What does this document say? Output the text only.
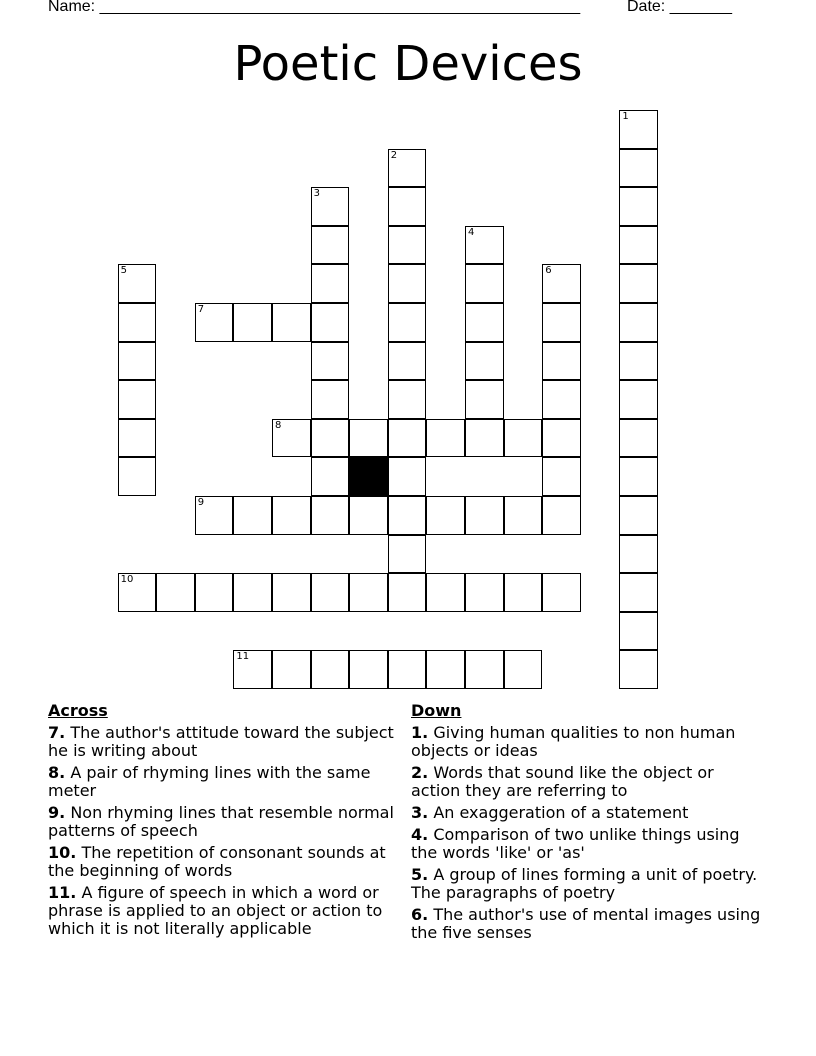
Name: ______________________________________________________	Date: _______
Poetic Devices
1
2
3
4
5	6
7
8
9
10
11
Across
7. The author's attitude toward the subject he is writing about
8. A pair of rhyming lines with the same meter
9. Non rhyming lines that resemble normal patterns of speech
10. The repetition of consonant sounds at the beginning of words
11. A figure of speech in which a word or phrase is applied to an object or action to which it is not literally applicable
Down
1. Giving human qualities to non human objects or ideas
2. Words that sound like the object or action they are referring to
3. An exaggeration of a statement
4. Comparison of two unlike things using the words 'like' or 'as'
5. A group of lines forming a unit of poetry. The paragraphs of poetry
6. The author's use of mental images using the five senses
